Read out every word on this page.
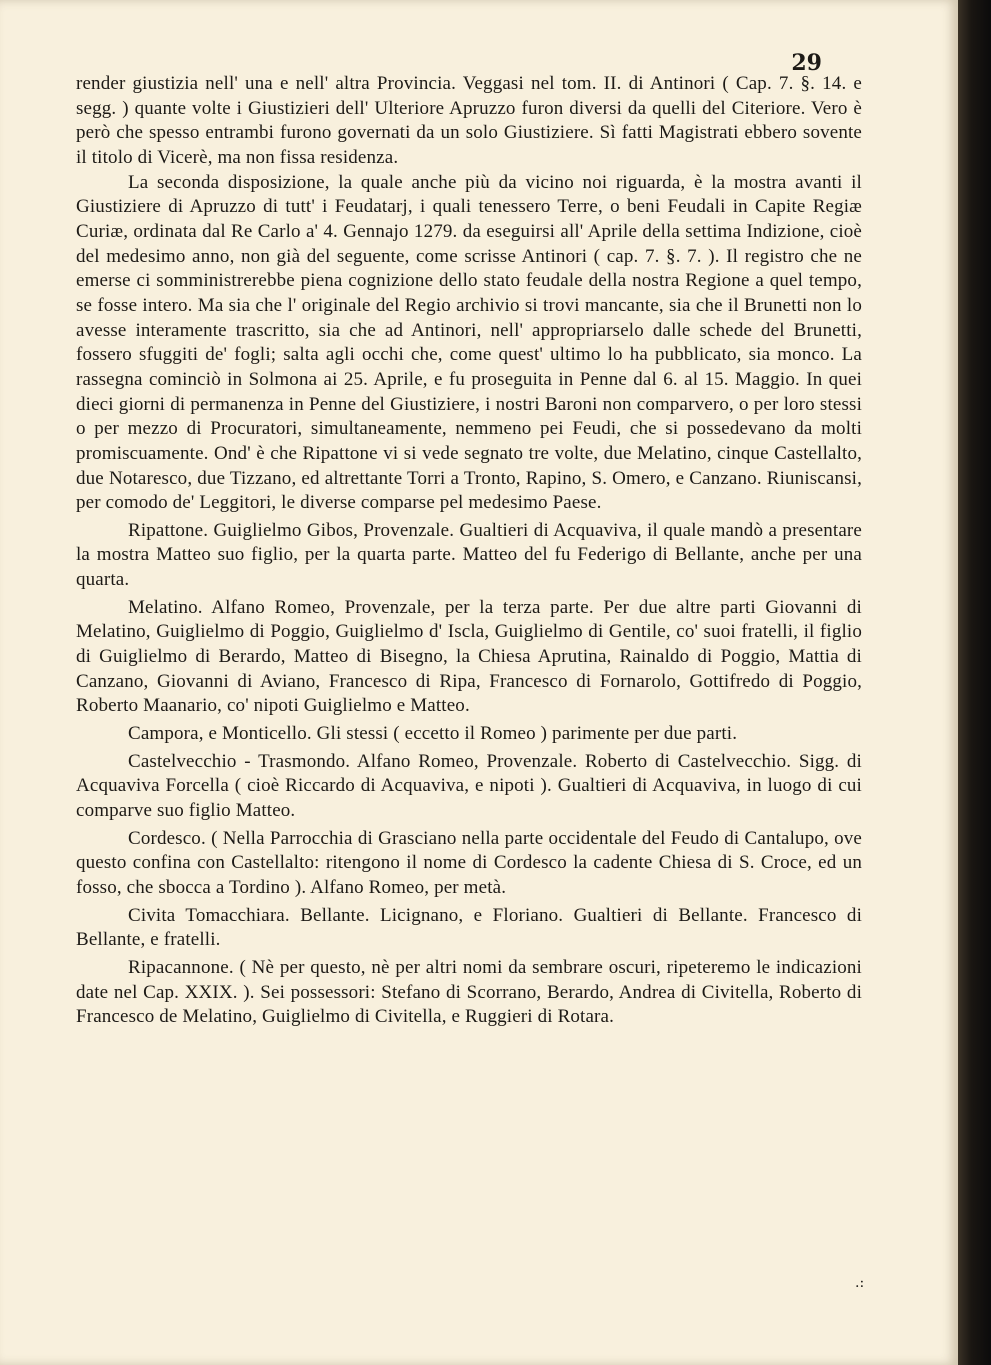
29

render giustizia nell' una e nell' altra Provincia. Veggasi nel tom. II. di Antinori ( Cap. 7. §. 14. e segg. ) quante volte i Giustizieri dell' Ulteriore Apruzzo furon diversi da quelli del Citeriore. Vero è però che spesso entrambi furono governati da un solo Giustiziere. Sì fatti Magistrati ebbero sovente il titolo di Vicerè, ma non fissa residenza.

La seconda disposizione, la quale anche più da vicino noi riguarda, è la mostra avanti il Giustiziere di Apruzzo di tutt' i Feudatarj, i quali tenessero Terre, o beni Feudali in Capite Regiæ Curiæ, ordinata dal Re Carlo a' 4. Gennajo 1279. da eseguirsi all' Aprile della settima Indizione, cioè del medesimo anno, non già del seguente, come scrisse Antinori ( cap. 7. §. 7. ). Il registro che ne emerse ci somministrerebbe piena cognizione dello stato feudale della nostra Regione a quel tempo, se fosse intero. Ma sia che l' originale del Regio archivio si trovi mancante, sia che il Brunetti non lo avesse interamente trascritto, sia che ad Antinori, nell' appropriarselo dalle schede del Brunetti, fossero sfuggiti de' fogli; salta agli occhi che, come quest' ultimo lo ha pubblicato, sia monco. La rassegna cominciò in Solmona ai 25. Aprile, e fu proseguita in Penne dal 6. al 15. Maggio. In quei dieci giorni di permanenza in Penne del Giustiziere, i nostri Baroni non comparvero, o per loro stessi o per mezzo di Procuratori, simultaneamente, nemmeno pei Feudi, che si possedevano da molti promiscuamente. Ond' è che Ripattone vi si vede segnato tre volte, due Melatino, cinque Castellalto, due Notaresco, due Tizzano, ed altrettante Torri a Tronto, Rapino, S. Omero, e Canzano. Riuniscansi, per comodo de' Leggitori, le diverse comparse pel medesimo Paese.

Ripattone. Guiglielmo Gibos, Provenzale. Gualtieri di Acquaviva, il quale mandò a presentare la mostra Matteo suo figlio, per la quarta parte. Matteo del fu Federigo di Bellante, anche per una quarta.

Melatino. Alfano Romeo, Provenzale, per la terza parte. Per due altre parti Giovanni di Melatino, Guiglielmo di Poggio, Guiglielmo d' Iscla, Guiglielmo di Gentile, co' suoi fratelli, il figlio di Guiglielmo di Berardo, Matteo di Bisegno, la Chiesa Aprutina, Rainaldo di Poggio, Mattia di Canzano, Giovanni di Aviano, Francesco di Ripa, Francesco di Fornarolo, Gottifredo di Poggio, Roberto Maanario, co' nipoti Guiglielmo e Matteo.

Campora, e Monticello. Gli stessi ( eccetto il Romeo ) parimente per due parti.

Castelvecchio - Trasmondo. Alfano Romeo, Provenzale. Roberto di Castelvecchio. Sigg. di Acquaviva Forcella ( cioè Riccardo di Acquaviva, e nipoti ). Gualtieri di Acquaviva, in luogo di cui comparve suo figlio Matteo.

Cordesco. ( Nella Parrocchia di Grasciano nella parte occidentale del Feudo di Cantalupo, ove questo confina con Castellalto: ritengono il nome di Cordesco la cadente Chiesa di S. Croce, ed un fosso, che sbocca a Tordino ). Alfano Romeo, per metà.

Civita Tomacchiara. Bellante. Licignano, e Floriano. Gualtieri di Bellante. Francesco di Bellante, e fratelli.

Ripacannone. ( Nè per questo, nè per altri nomi da sembrare oscuri, ripeteremo le indicazioni date nel Cap. XXIX. ). Sei possessori: Stefano di Scorrano, Berardo, Andrea di Civitella, Roberto di Francesco de Melatino, Guiglielmo di Civitella, e Ruggieri di Rotara.

.:
